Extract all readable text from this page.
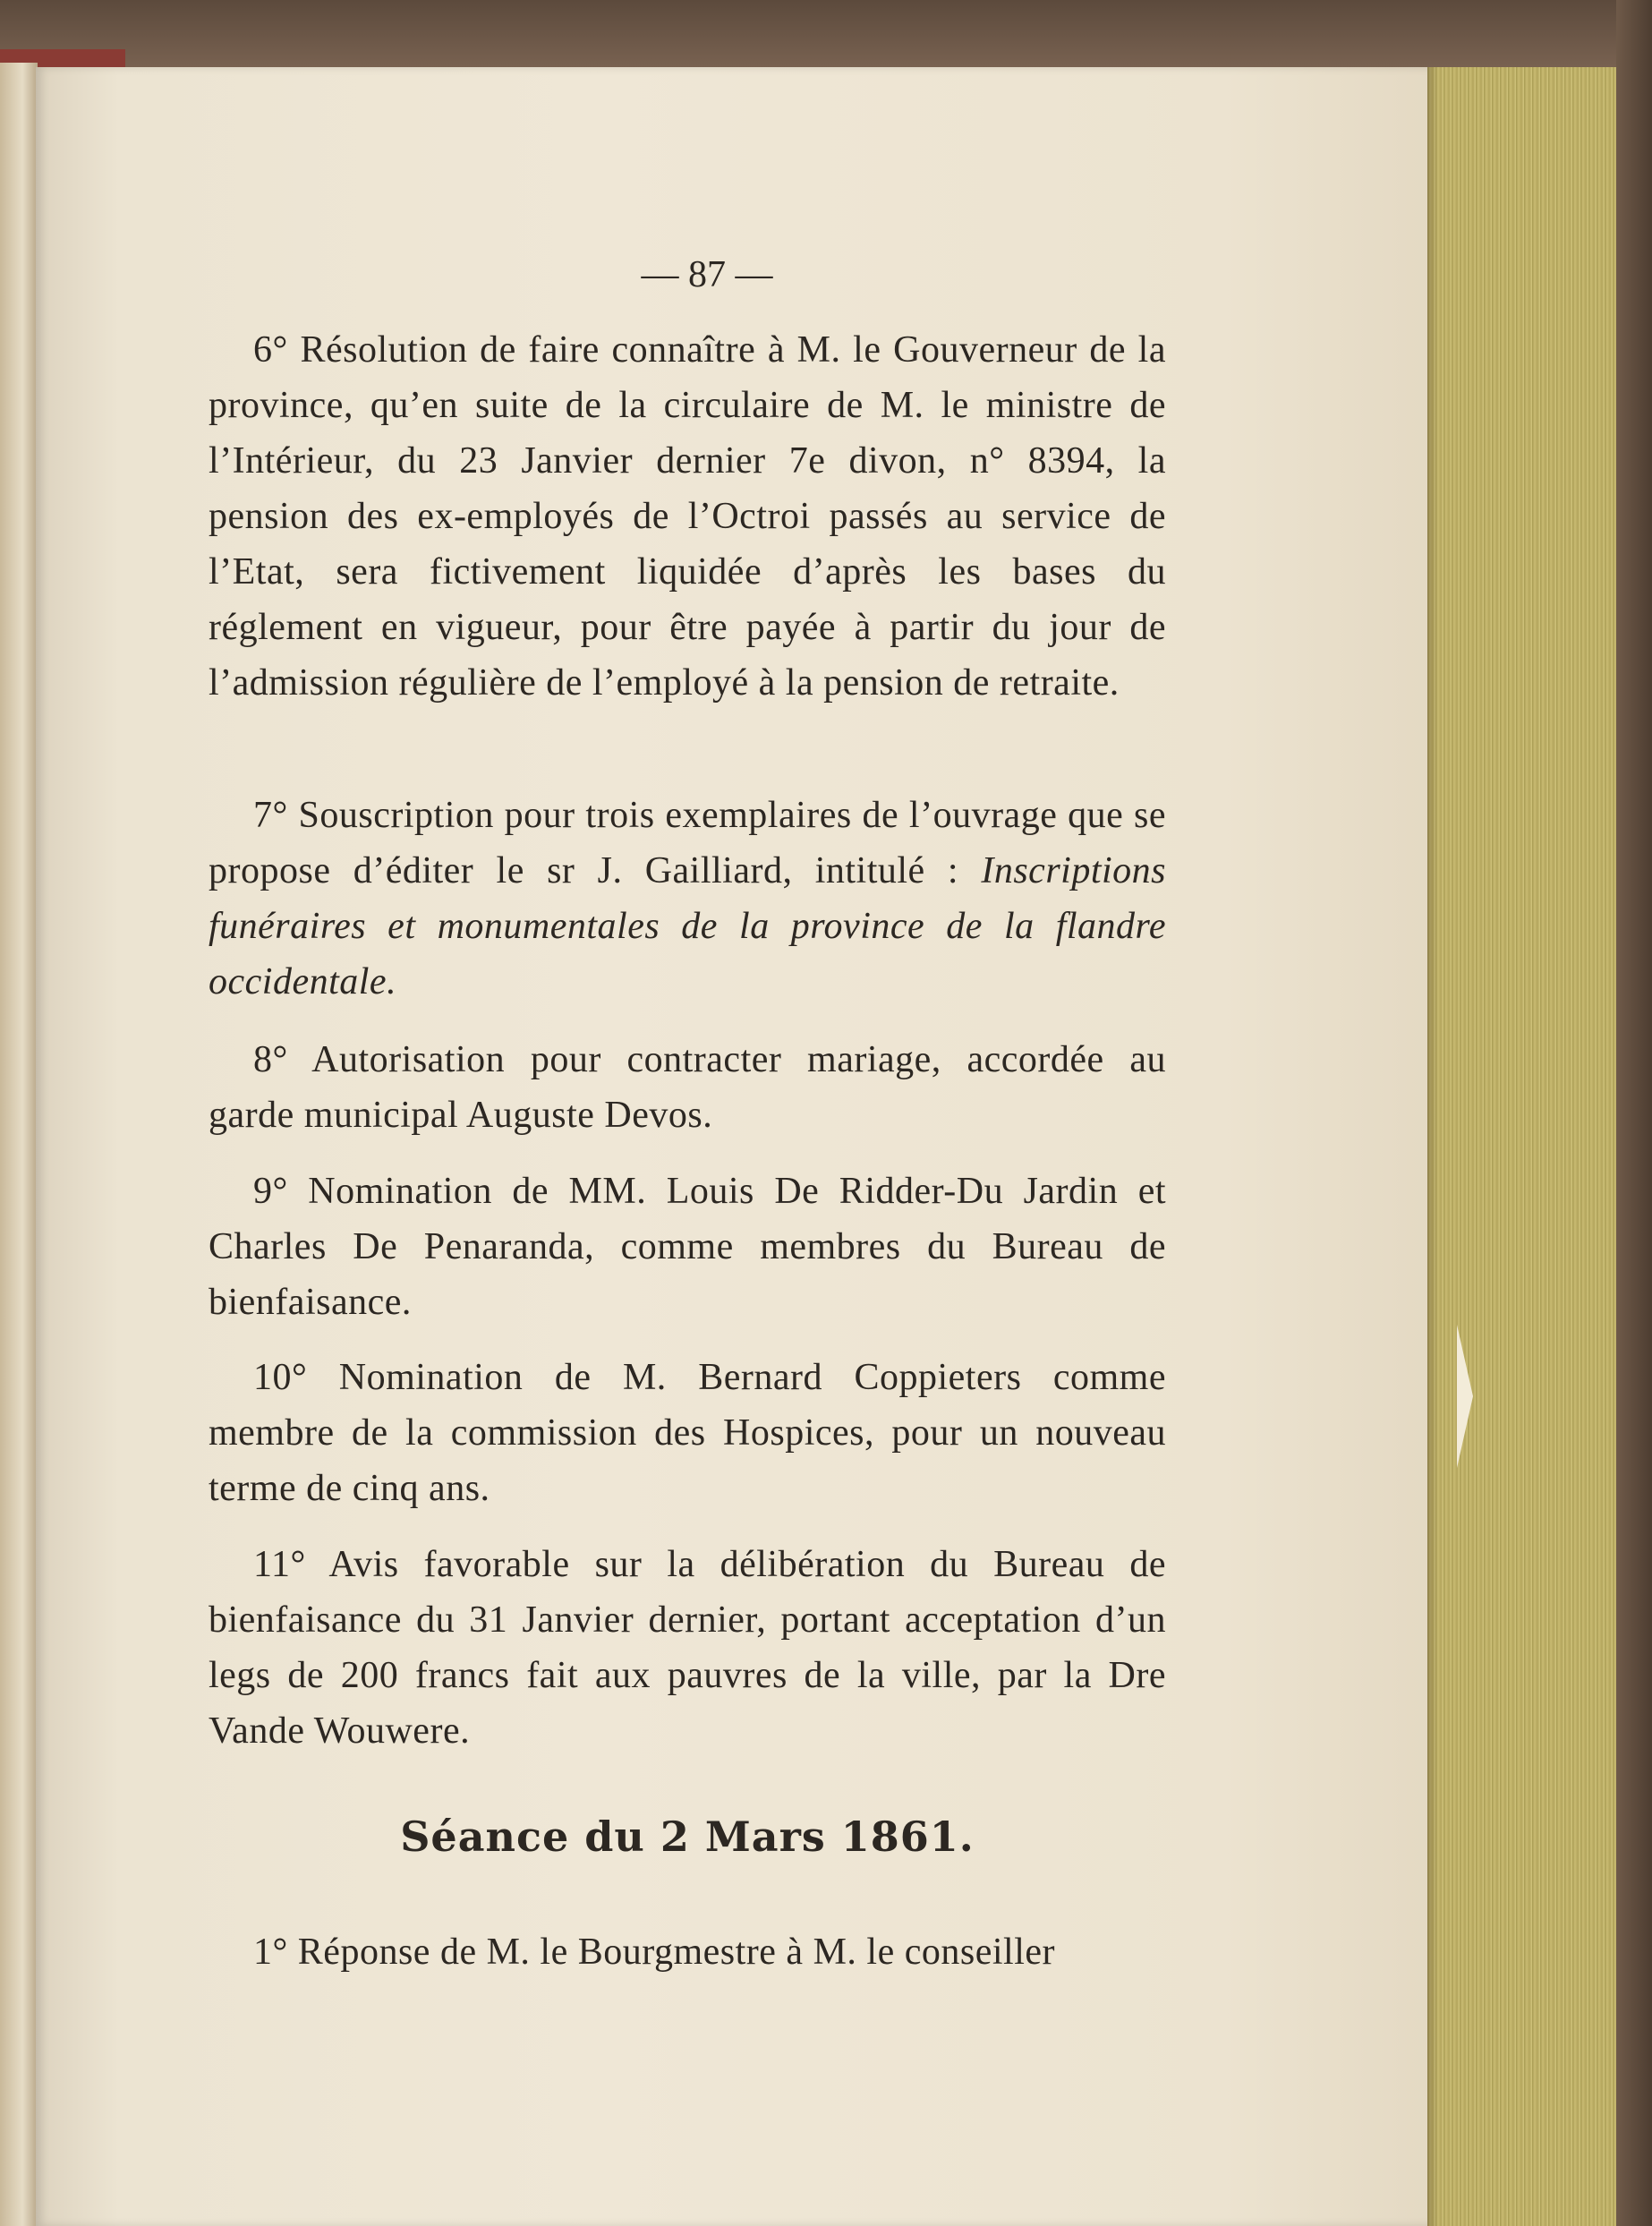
— 87 —

6° Résolution de faire connaître à M. le Gouverneur de la province, qu’en suite de la circulaire de M. le ministre de l’Intérieur, du 23 Janvier dernier 7e divon, n° 8394, la pension des ex-employés de l’Octroi passés au service de l’Etat, sera fictivement liquidée d’après les bases du réglement en vigueur, pour être payée à partir du jour de l’admission régulière de l’employé à la pension de retraite.

7° Souscription pour trois exemplaires de l’ouvrage que se propose d’éditer le sr J. Gailliard, intitulé : Inscriptions funéraires et monumentales de la province de la flandre occidentale.

8° Autorisation pour contracter mariage, accordée au garde municipal Auguste Devos.

9° Nomination de MM. Louis De Ridder-Du Jardin et Charles De Penaranda, comme membres du Bureau de bienfaisance.

10° Nomination de M. Bernard Coppieters comme membre de la commission des Hospices, pour un nouveau terme de cinq ans.

11° Avis favorable sur la délibération du Bureau de bienfaisance du 31 Janvier dernier, portant acceptation d’un legs de 200 francs fait aux pauvres de la ville, par la Dre Vande Wouwere.

Séance du 2 Mars 1861.

1° Réponse de M. le Bourgmestre à M. le conseiller
